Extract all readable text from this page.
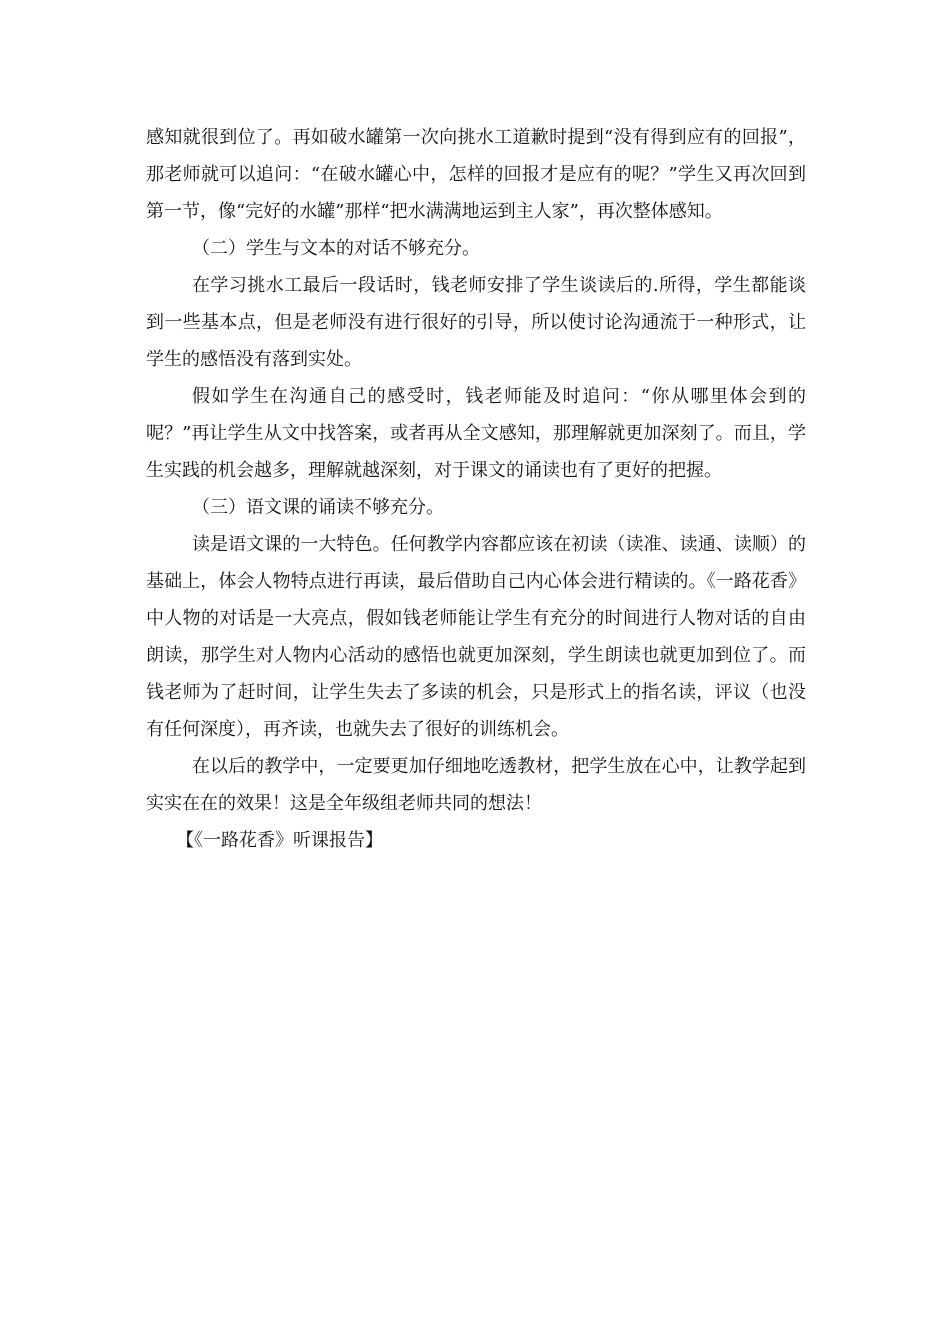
感知就很到位了。再如破水罐第一次向挑水工道歉时提到“没有得到应有的回报”，那老师就可以追问：“在破水罐心中，怎样的回报才是应有的呢？”学生又再次回到第一节，像“完好的水罐”那样“把水满满地运到主人家”，再次整体感知。

（二）学生与文本的对话不够充分。

在学习挑水工最后一段话时，钱老师安排了学生谈读后的.所得，学生都能谈到一些基本点，但是老师没有进行很好的引导，所以使讨论沟通流于一种形式，让学生的感悟没有落到实处。

假如学生在沟通自己的感受时，钱老师能及时追问：“你从哪里体会到的呢？”再让学生从文中找答案，或者再从全文感知，那理解就更加深刻了。而且，学生实践的机会越多，理解就越深刻，对于课文的诵读也有了更好的把握。

（三）语文课的诵读不够充分。

读是语文课的一大特色。任何教学内容都应该在初读（读准、读通、读顺）的基础上，体会人物特点进行再读，最后借助自己内心体会进行精读的。《一路花香》中人物的对话是一大亮点，假如钱老师能让学生有充分的时间进行人物对话的自由朗读，那学生对人物内心活动的感悟也就更加深刻，学生朗读也就更加到位了。而钱老师为了赶时间，让学生失去了多读的机会，只是形式上的指名读，评议（也没有任何深度），再齐读，也就失去了很好的训练机会。

在以后的教学中，一定要更加仔细地吃透教材，把学生放在心中，让教学起到实实在在的效果！这是全年级组老师共同的想法！

【《一路花香》听课报告】
